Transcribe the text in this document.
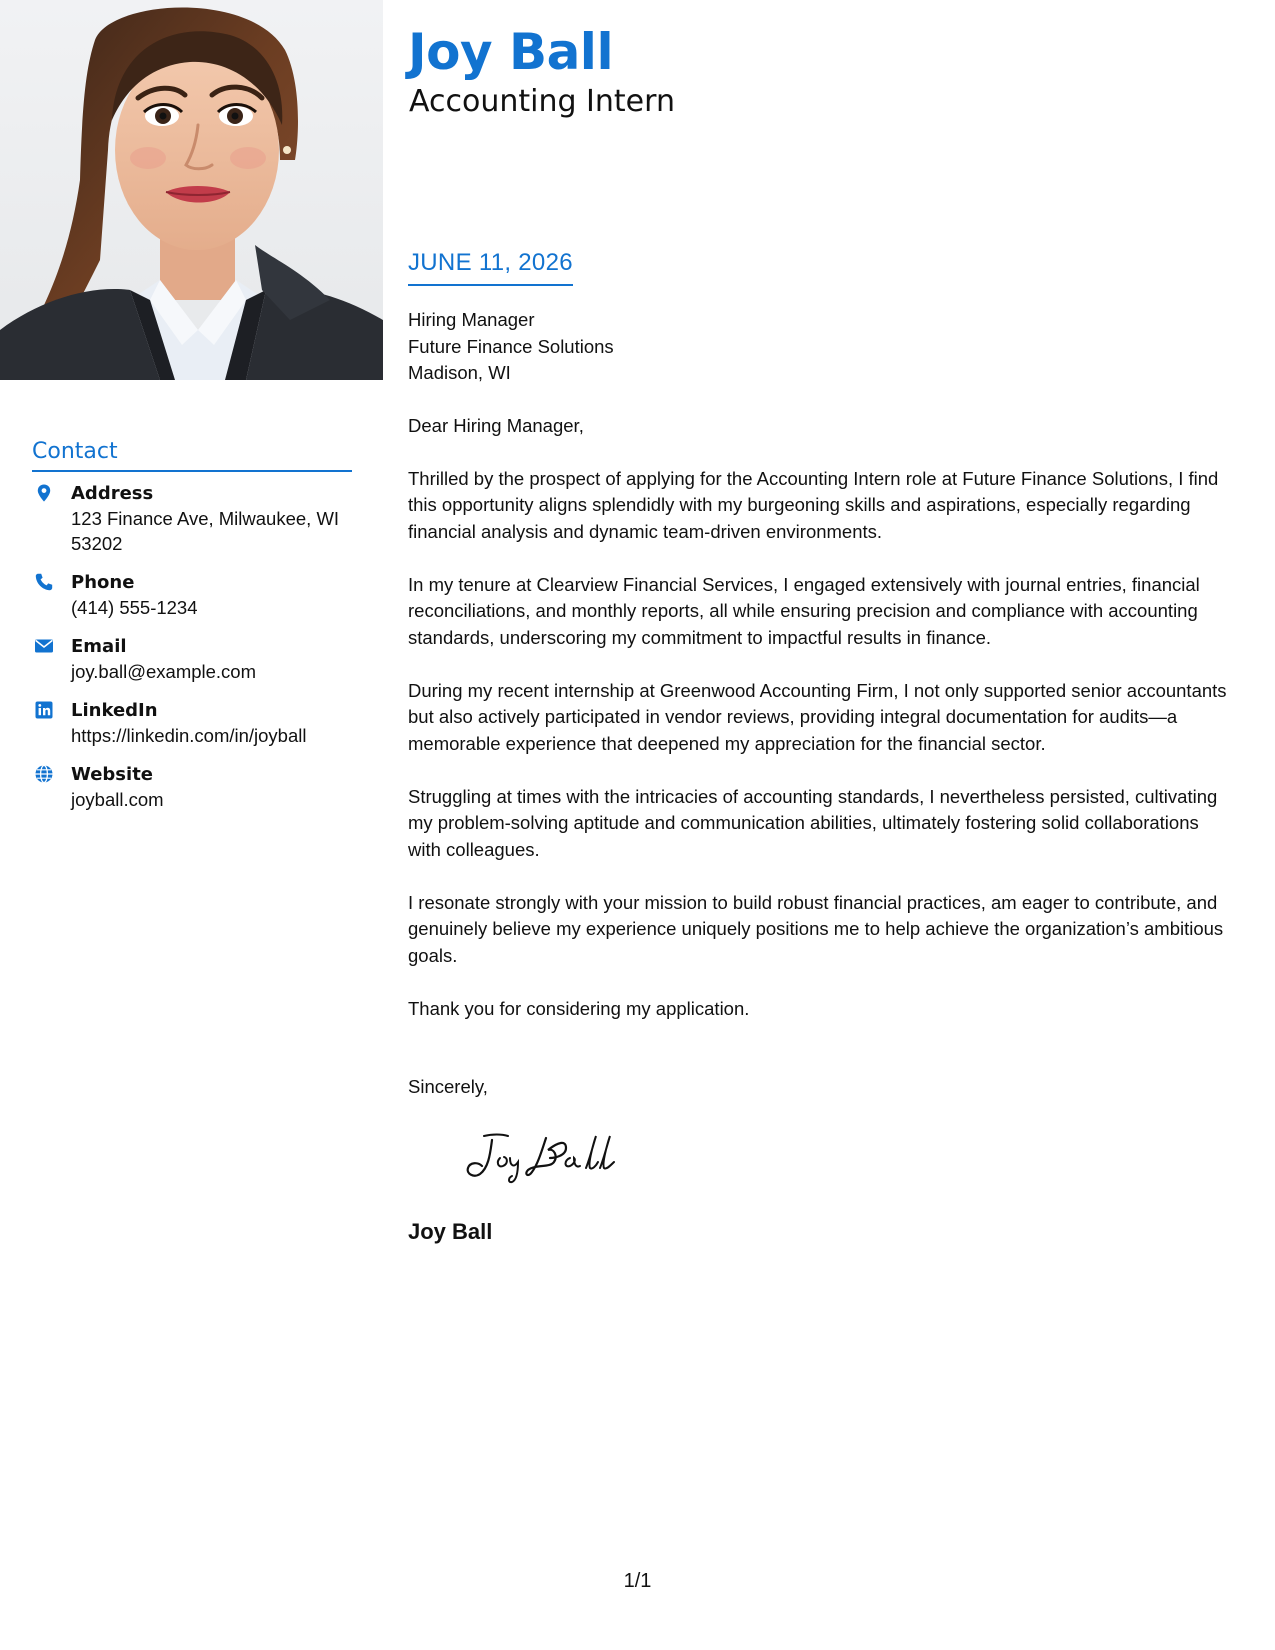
Joy Ball
Accounting Intern
JUNE 11, 2026
Hiring Manager
Future Finance Solutions
Madison, WI

Dear Hiring Manager,

Thrilled by the prospect of applying for the Accounting Intern role at Future Finance Solutions, I find
this opportunity aligns splendidly with my burgeoning skills and aspirations, especially regarding
financial analysis and dynamic team-driven environments.

In my tenure at Clearview Financial Services, I engaged extensively with journal entries, financial
reconciliations, and monthly reports, all while ensuring precision and compliance with accounting
standards, underscoring my commitment to impactful results in finance.

During my recent internship at Greenwood Accounting Firm, I not only supported senior accountants
but also actively participated in vendor reviews, providing integral documentation for audits—a
memorable experience that deepened my appreciation for the financial sector.

Struggling at times with the intricacies of accounting standards, I nevertheless persisted, cultivating
my problem-solving aptitude and communication abilities, ultimately fostering solid collaborations
with colleagues.

I resonate strongly with your mission to build robust financial practices, am eager to contribute, and
genuinely believe my experience uniquely positions me to help achieve the organization’s ambitious
goals.

Thank you for considering my application.

Sincerely,
Joy Ball
Contact
Address
123 Finance Ave, Milwaukee, WI
53202
Phone
(414) 555-1234
Email
joy.ball@example.com
LinkedIn
https://linkedin.com/in/joyball
Website
joyball.com
1/1
